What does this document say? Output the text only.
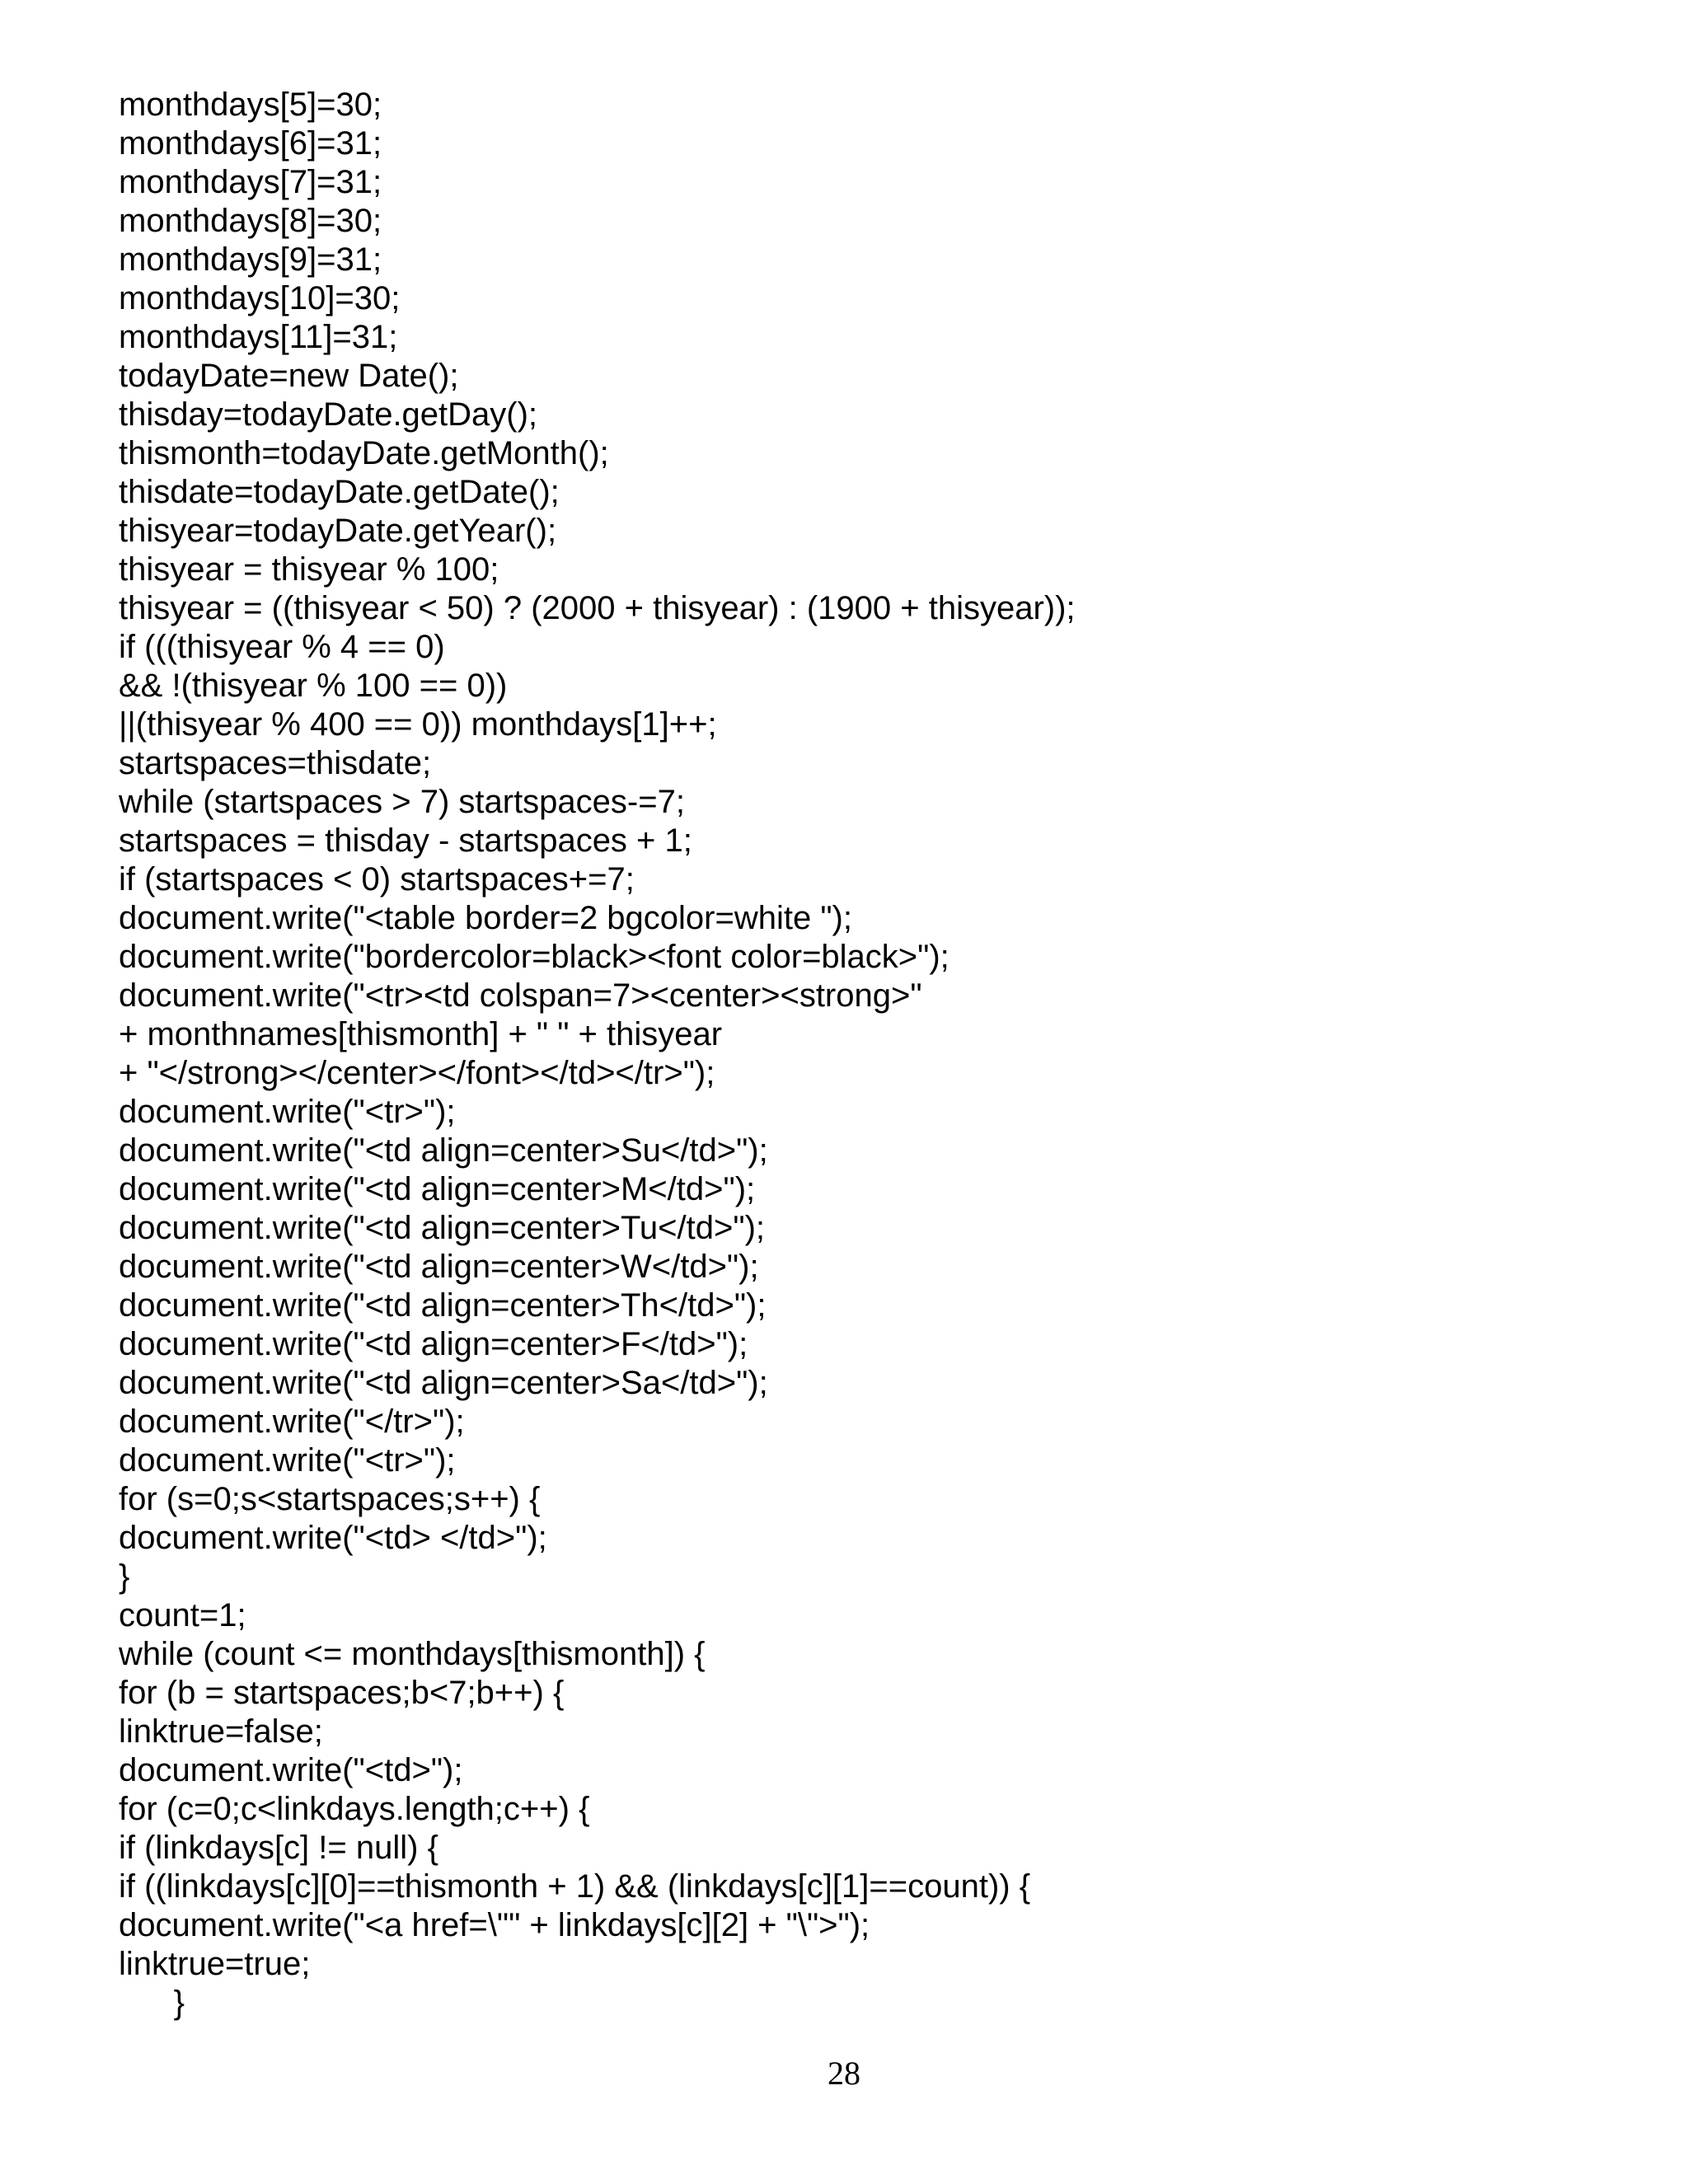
monthdays[5]=30;
monthdays[6]=31;
monthdays[7]=31;
monthdays[8]=30;
monthdays[9]=31;
monthdays[10]=30;
monthdays[11]=31;
todayDate=new Date();
thisday=todayDate.getDay();
thismonth=todayDate.getMonth();
thisdate=todayDate.getDate();
thisyear=todayDate.getYear();
thisyear = thisyear % 100;
thisyear = ((thisyear < 50) ? (2000 + thisyear) : (1900 + thisyear));
if (((thisyear % 4 == 0)
&& !(thisyear % 100 == 0))
||(thisyear % 400 == 0)) monthdays[1]++;
startspaces=thisdate;
while (startspaces > 7) startspaces-=7;
startspaces = thisday - startspaces + 1;
if (startspaces < 0) startspaces+=7;
document.write("<table border=2 bgcolor=white ");
document.write("bordercolor=black><font color=black>");
document.write("<tr><td colspan=7><center><strong>"
+ monthnames[thismonth] + " " + thisyear
+ "</strong></center></font></td></tr>");
document.write("<tr>");
document.write("<td align=center>Su</td>");
document.write("<td align=center>M</td>");
document.write("<td align=center>Tu</td>");
document.write("<td align=center>W</td>");
document.write("<td align=center>Th</td>");
document.write("<td align=center>F</td>");
document.write("<td align=center>Sa</td>");
document.write("</tr>");
document.write("<tr>");
for (s=0;s<startspaces;s++) {
document.write("<td> </td>");
}
count=1;
while (count <= monthdays[thismonth]) {
for (b = startspaces;b<7;b++) {
linktrue=false;
document.write("<td>");
for (c=0;c<linkdays.length;c++) {
if (linkdays[c] != null) {
if ((linkdays[c][0]==thismonth + 1) && (linkdays[c][1]==count)) {
document.write("<a href=\"" + linkdays[c][2] + "\">");
linktrue=true;
}
28
